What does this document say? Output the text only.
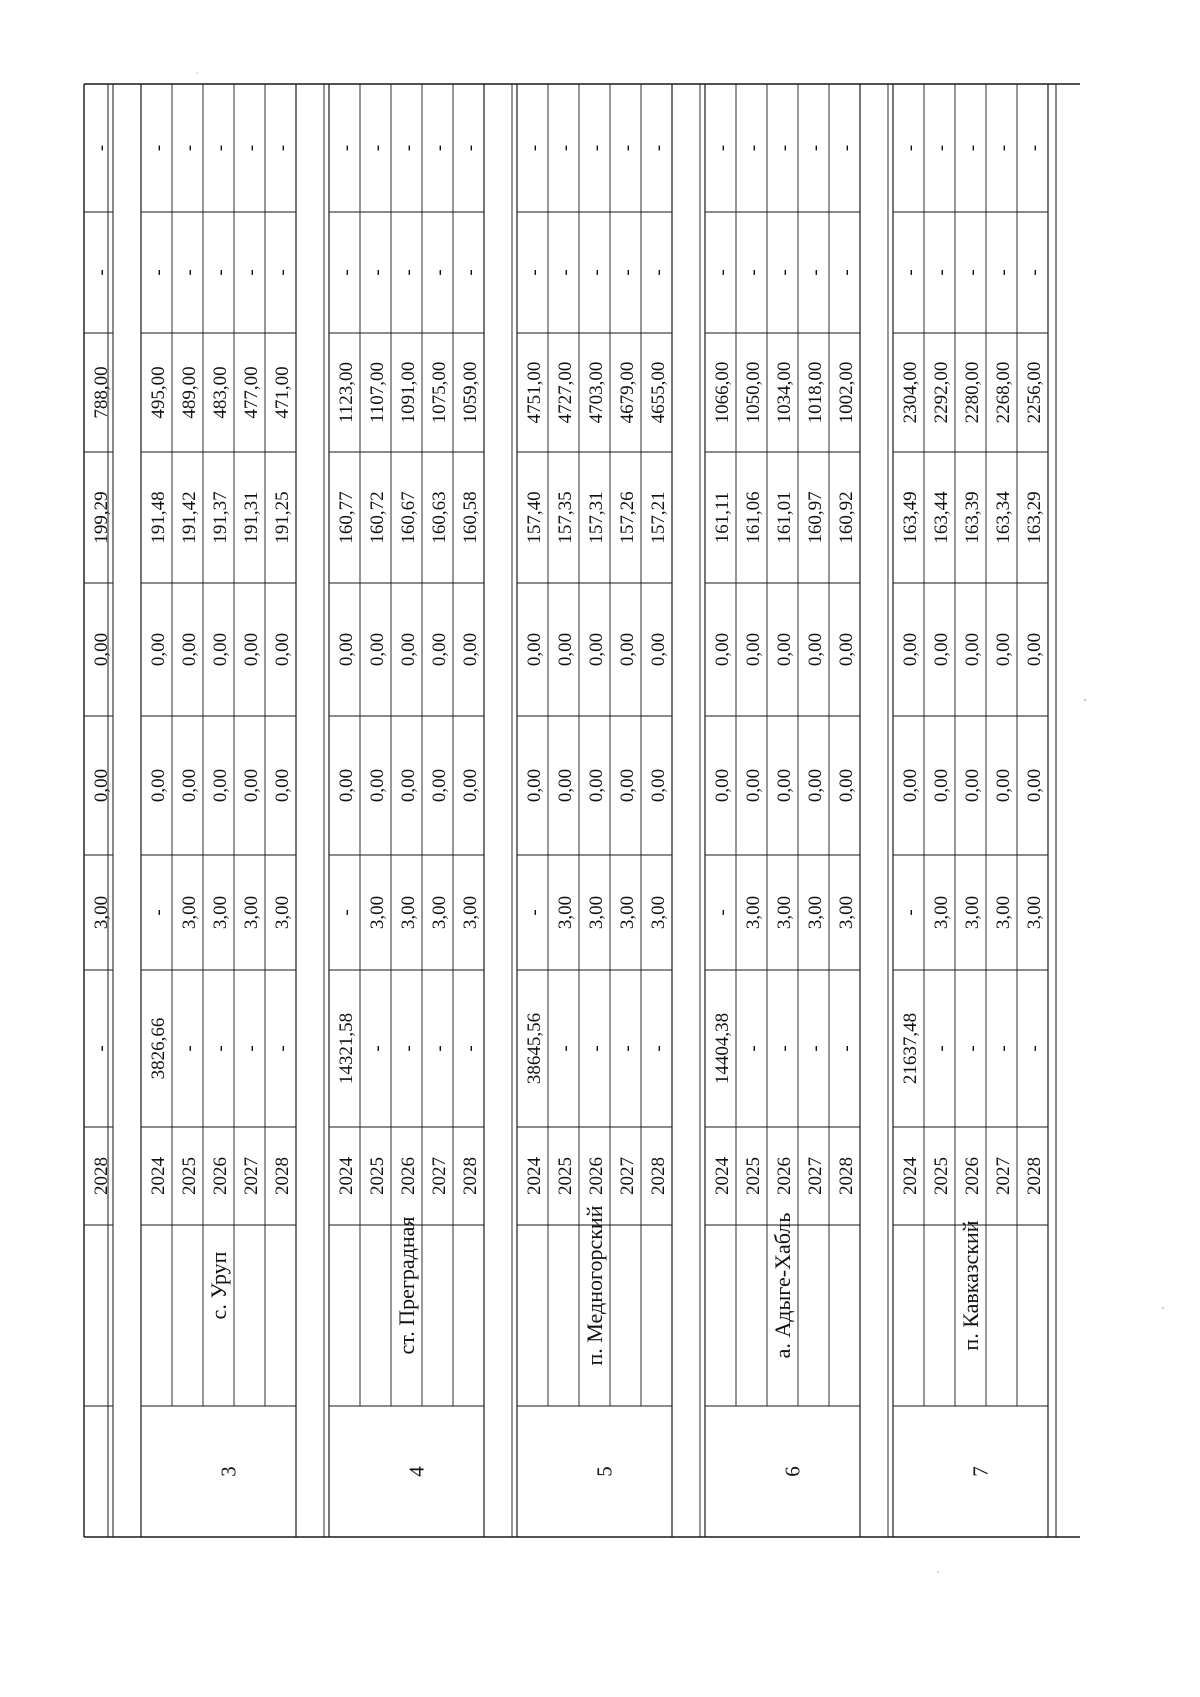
2028
-
3,00
0,00
0,00
199,29
788,00
-
-
3
с. Уруп
2024
3826,66
-
0,00
0,00
191,48
495,00
-
-
2025
-
3,00
0,00
0,00
191,42
489,00
-
-
2026
-
3,00
0,00
0,00
191,37
483,00
-
-
2027
-
3,00
0,00
0,00
191,31
477,00
-
-
2028
-
3,00
0,00
0,00
191,25
471,00
-
-
4
ст. Преградная
2024
14321,58
-
0,00
0,00
160,77
1123,00
-
-
2025
-
3,00
0,00
0,00
160,72
1107,00
-
-
2026
-
3,00
0,00
0,00
160,67
1091,00
-
-
2027
-
3,00
0,00
0,00
160,63
1075,00
-
-
2028
-
3,00
0,00
0,00
160,58
1059,00
-
-
5
п. Медногорский
2024
38645,56
-
0,00
0,00
157,40
4751,00
-
-
2025
-
3,00
0,00
0,00
157,35
4727,00
-
-
2026
-
3,00
0,00
0,00
157,31
4703,00
-
-
2027
-
3,00
0,00
0,00
157,26
4679,00
-
-
2028
-
3,00
0,00
0,00
157,21
4655,00
-
-
6
а. Адыге-Хабль
2024
14404,38
-
0,00
0,00
161,11
1066,00
-
-
2025
-
3,00
0,00
0,00
161,06
1050,00
-
-
2026
-
3,00
0,00
0,00
161,01
1034,00
-
-
2027
-
3,00
0,00
0,00
160,97
1018,00
-
-
2028
-
3,00
0,00
0,00
160,92
1002,00
-
-
7
п. Кавказский
2024
21637,48
-
0,00
0,00
163,49
2304,00
-
-
2025
-
3,00
0,00
0,00
163,44
2292,00
-
-
2026
-
3,00
0,00
0,00
163,39
2280,00
-
-
2027
-
3,00
0,00
0,00
163,34
2268,00
-
-
2028
-
3,00
0,00
0,00
163,29
2256,00
-
-
